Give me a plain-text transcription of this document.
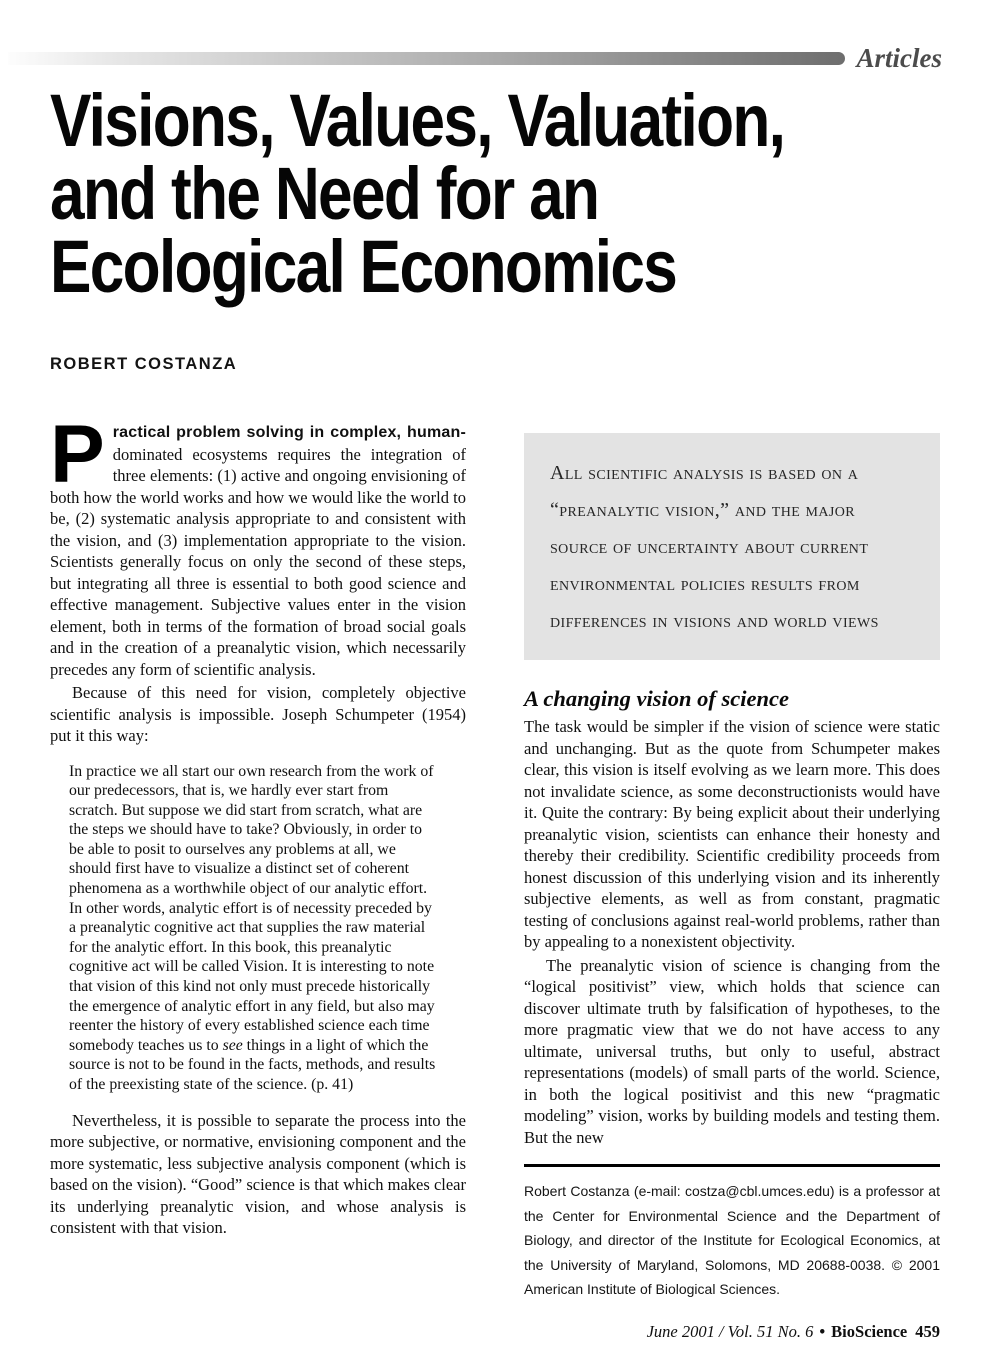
Articles
Visions, Values, Valuation,
and the Need for an
Ecological Economics
ROBERT COSTANZA

Practical problem solving in complex, human-dominated ecosystems requires the integration of three elements: (1) active and ongoing envisioning of both how the world works and how we would like the world to be, (2) systematic analysis appropriate to and consistent with the vision, and (3) implementation appropriate to the vision. Scientists generally focus on only the second of these steps, but integrating all three is essential to both good science and effective management. Subjective values enter in the vision element, both in terms of the formation of broad social goals and in the creation of a preanalytic vision, which necessarily precedes any form of scientific analysis.

Because of this need for vision, completely objective scientific analysis is impossible. Joseph Schumpeter (1954) put it this way:

In practice we all start our own research from the work of our predecessors, that is, we hardly ever start from scratch. But suppose we did start from scratch, what are the steps we should have to take? Obviously, in order to be able to posit to ourselves any problems at all, we should first have to visualize a distinct set of coherent phenomena as a worthwhile object of our analytic effort. In other words, analytic effort is of necessity preceded by a preanalytic cognitive act that supplies the raw material for the analytic effort. In this book, this preanalytic cognitive act will be called Vision. It is interesting to note that vision of this kind not only must precede historically the emergence of analytic effort in any field, but also may reenter the history of every established science each time somebody teaches us to see things in a light of which the source is not to be found in the facts, methods, and results of the preexisting state of the science. (p. 41)

Nevertheless, it is possible to separate the process into the more subjective, or normative, envisioning component and the more systematic, less subjective analysis component (which is based on the vision). “Good” science is that which makes clear its underlying preanalytic vision, and whose analysis is consistent with that vision.

All scientific analysis is based on a “preanalytic vision,” and the major source of uncertainty about current environmental policies results from differences in visions and world views
A changing vision of science

The task would be simpler if the vision of science were static and unchanging. But as the quote from Schumpeter makes clear, this vision is itself evolving as we learn more. This does not invalidate science, as some deconstructionists would have it. Quite the contrary: By being explicit about their underlying preanalytic vision, scientists can enhance their honesty and thereby their credibility. Scientific credibility proceeds from honest discussion of this underlying vision and its inherently subjective elements, as well as from constant, pragmatic testing of conclusions against real-world problems, rather than by appealing to a nonexistent objectivity.

The preanalytic vision of science is changing from the “logical positivist” view, which holds that science can discover ultimate truth by falsification of hypotheses, to the more pragmatic view that we do not have access to any ultimate, universal truths, but only to useful, abstract representations (models) of small parts of the world. Science, in both the logical positivist and this new “pragmatic modeling” vision, works by building models and testing them. But the new

Robert Costanza (e-mail: costza@cbl.umces.edu) is a professor at the Center for Environmental Science and the Department of Biology, and director of the Institute for Ecological Economics, at the University of Maryland, Solomons, MD 20688-0038. © 2001 American Institute of Biological Sciences.

June 2001 / Vol. 51 No. 6 • BioScience 459
